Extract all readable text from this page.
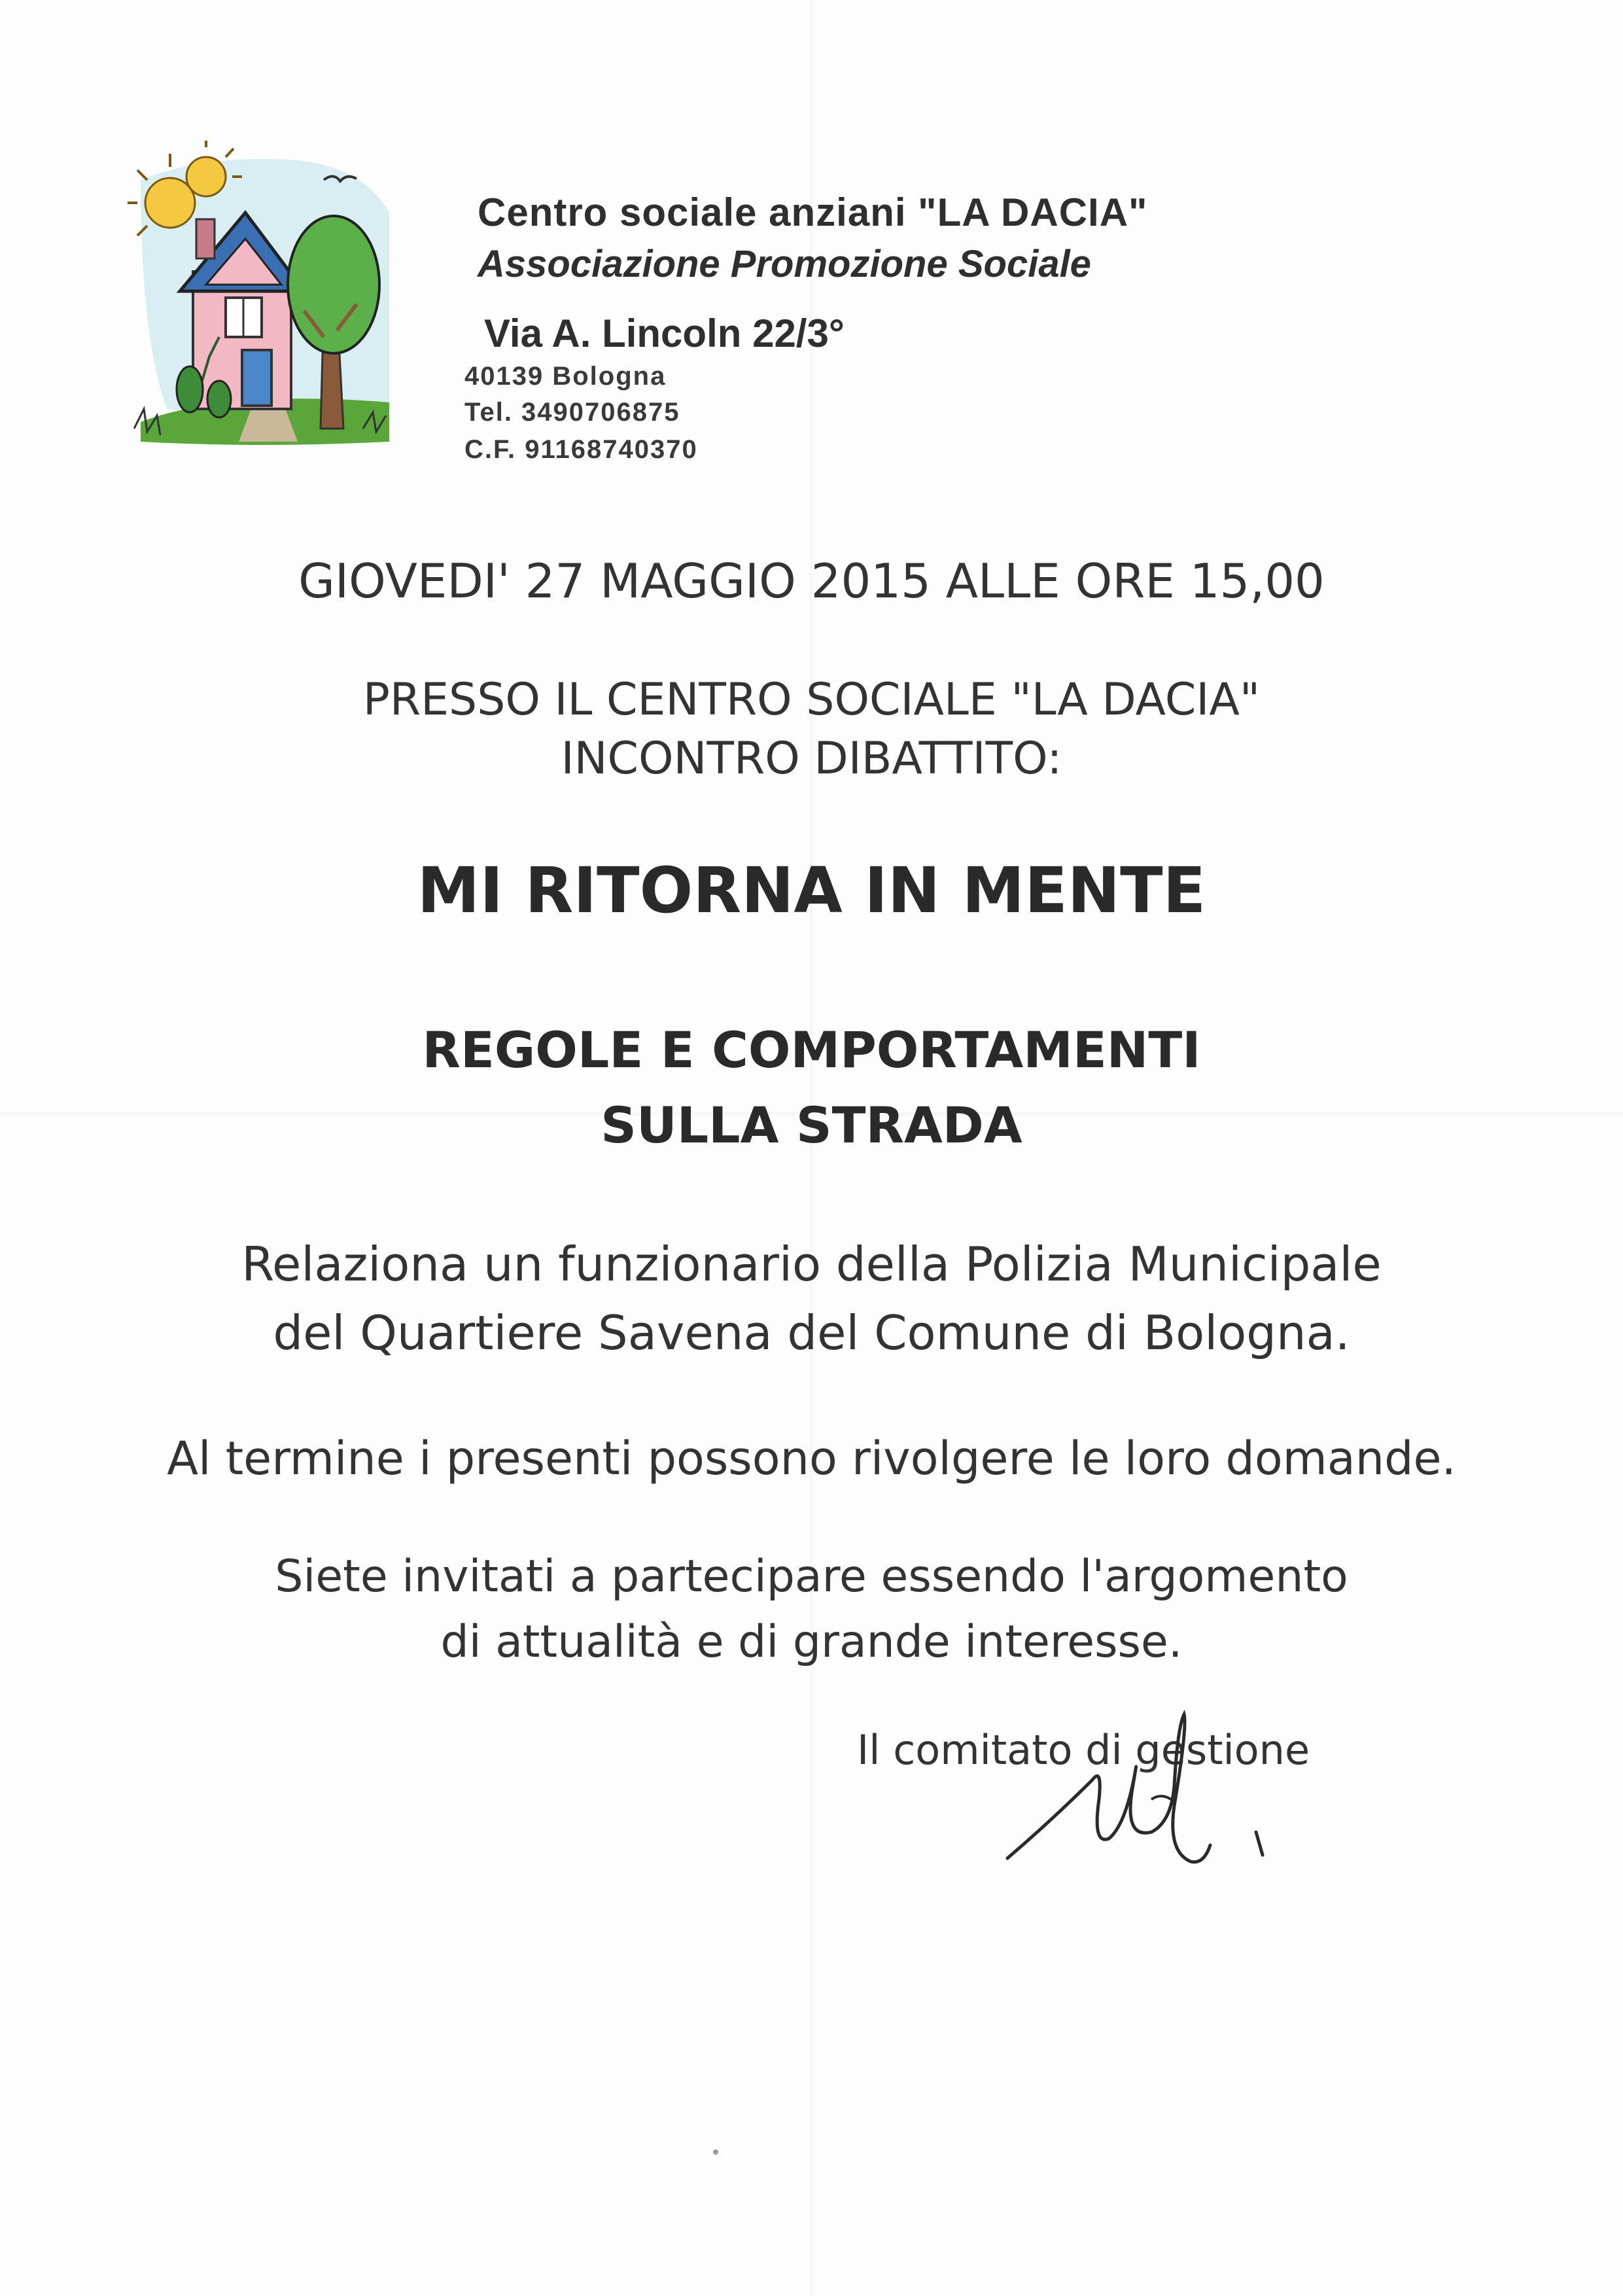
Centro sociale anziani "LA DACIA"
Associazione Promozione Sociale
Via A. Lincoln 22/3°
40139 Bologna
Tel. 3490706875
C.F. 91168740370
GIOVEDI' 27 MAGGIO 2015 ALLE ORE 15,00
PRESSO IL CENTRO SOCIALE "LA DACIA"
INCONTRO DIBATTITO:
MI RITORNA IN MENTE
REGOLE E COMPORTAMENTI
SULLA STRADA
Relaziona un funzionario della Polizia Municipale
del Quartiere Savena del Comune di Bologna.
Al termine i presenti possono rivolgere le loro domande.
Siete invitati a partecipare essendo l'argomento
di attualità e di grande interesse.
Il comitato di gestione
